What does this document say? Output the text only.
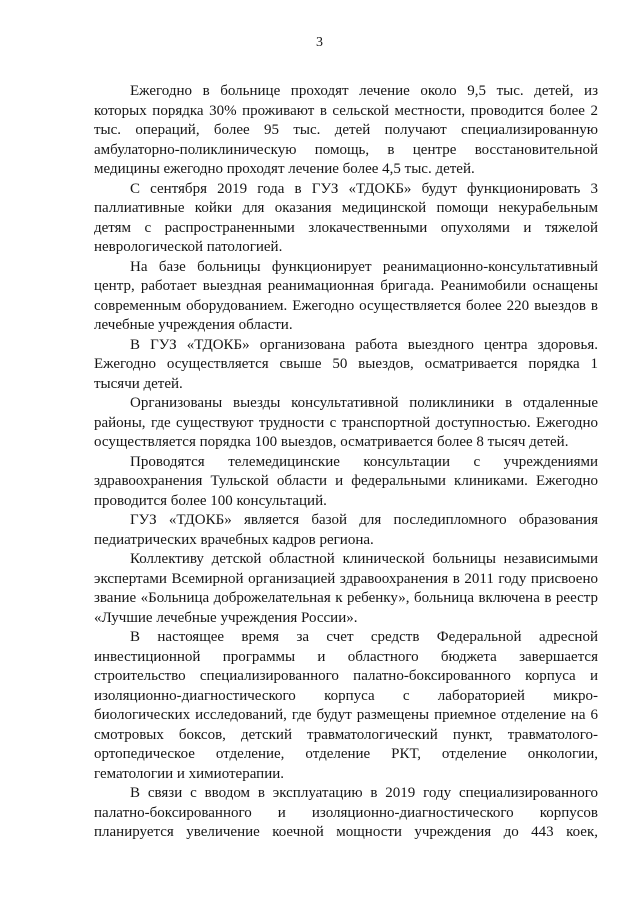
3
Ежегодно в больнице проходят лечение около 9,5 тыс. детей, из
которых порядка 30% проживают в сельской местности, проводится более 2
тыс. операций, более 95 тыс. детей получают специализированную
амбулаторно-поликлиническую помощь, в центре восстановительной
медицины ежегодно проходят лечение более 4,5 тыс. детей.
С сентября 2019 года в ГУЗ «ТДОКБ» будут функционировать 3
паллиативные койки для оказания медицинской помощи некурабельным
детям с распространенными злокачественными опухолями и тяжелой
неврологической патологией.
На базе больницы функционирует реанимационно-консультативный
центр, работает выездная реанимационная бригада. Реанимобили оснащены
современным оборудованием. Ежегодно осуществляется более 220 выездов в
лечебные учреждения области.
В ГУЗ «ТДОКБ» организована работа выездного центра здоровья.
Ежегодно осуществляется свыше 50 выездов, осматривается порядка 1
тысячи детей.
Организованы выезды консультативной поликлиники в отдаленные
районы, где существуют трудности с транспортной доступностью. Ежегодно
осуществляется порядка 100 выездов, осматривается более 8 тысяч детей.
Проводятся телемедицинские консультации с учреждениями
здравоохранения Тульской области и федеральными клиниками. Ежегодно
проводится более 100 консультаций.
ГУЗ «ТДОКБ» является базой для последипломного образования
педиатрических врачебных кадров региона.
Коллективу детской областной клинической больницы независимыми
экспертами Всемирной организацией здравоохранения в 2011 году присвоено
звание «Больница доброжелательная к ребенку», больница включена в реестр
«Лучшие лечебные учреждения России».
В настоящее время за счет средств Федеральной адресной
инвестиционной программы и областного бюджета завершается
строительство специализированного палатно-боксированного корпуса и
изоляционно-диагностического корпуса с лабораторией микро-
биологических исследований, где будут размещены приемное отделение на 6
смотровых боксов, детский травматологический пункт, травматолого-
ортопедическое отделение, отделение РКТ, отделение онкологии,
гематологии и химиотерапии.
В связи с вводом в эксплуатацию в 2019 году специализированного
палатно-боксированного и изоляционно-диагностического корпусов
планируется увеличение коечной мощности учреждения до 443 коек,
